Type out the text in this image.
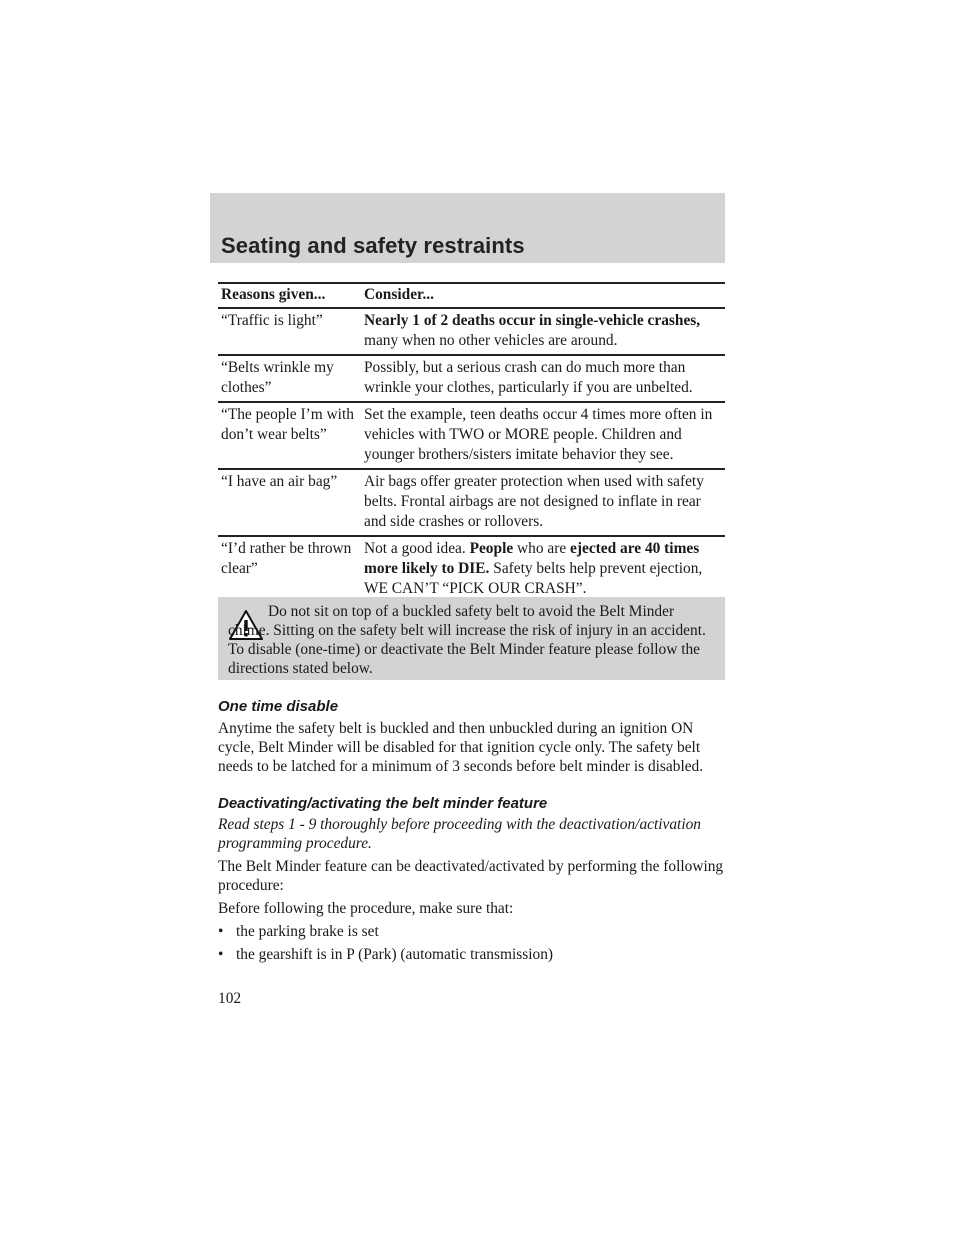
Seating and safety restraints
Reasons given...	Consider...
“Traffic is light”	Nearly 1 of 2 deaths occur in single-vehicle crashes, many when no other vehicles are around.
“Belts wrinkle my clothes”	Possibly, but a serious crash can do much more than wrinkle your clothes, particularly if you are unbelted.
“The people I’m with don’t wear belts”	Set the example, teen deaths occur 4 times more often in vehicles with TWO or MORE people. Children and younger brothers/sisters imitate behavior they see.
“I have an air bag”	Air bags offer greater protection when used with safety belts. Frontal airbags are not designed to inflate in rear and side crashes or rollovers.
“I’d rather be thrown clear”	Not a good idea. People who are ejected are 40 times more likely to DIE. Safety belts help prevent ejection, WE CAN’T “PICK OUR CRASH”.
Do not sit on top of a buckled safety belt to avoid the Belt Minder chime. Sitting on the safety belt will increase the risk of injury in an accident. To disable (one-time) or deactivate the Belt Minder feature please follow the directions stated below.
One time disable
Anytime the safety belt is buckled and then unbuckled during an ignition ON cycle, Belt Minder will be disabled for that ignition cycle only. The safety belt needs to be latched for a minimum of 3 seconds before belt minder is disabled.
Deactivating/activating the belt minder feature
Read steps 1 - 9 thoroughly before proceeding with the deactivation/activation programming procedure.
The Belt Minder feature can be deactivated/activated by performing the following procedure:
Before following the procedure, make sure that:
• the parking brake is set
• the gearshift is in P (Park) (automatic transmission)
102
